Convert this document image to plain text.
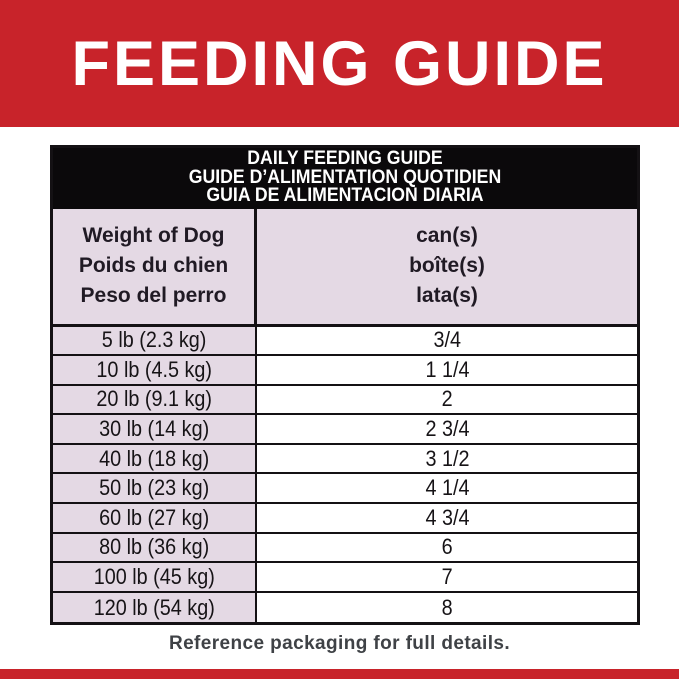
FEEDING GUIDE
DAILY FEEDING GUIDE
GUIDE D’ALIMENTATION QUOTIDIEN
GUIA DE ALIMENTACION DIARIA
Weight of Dog
Poids du chien
Peso del perro
can(s)
boîte(s)
lata(s)
5 lb (2.3 kg)	3/4
10 lb (4.5 kg)	1 1/4
20 lb (9.1 kg)	2
30 lb (14 kg)	2 3/4
40 lb (18 kg)	3 1/2
50 lb (23 kg)	4 1/4
60 lb (27 kg)	4 3/4
80 lb (36 kg)	6
100 lb (45 kg)	7
120 lb (54 kg)	8

Reference packaging for full details.
